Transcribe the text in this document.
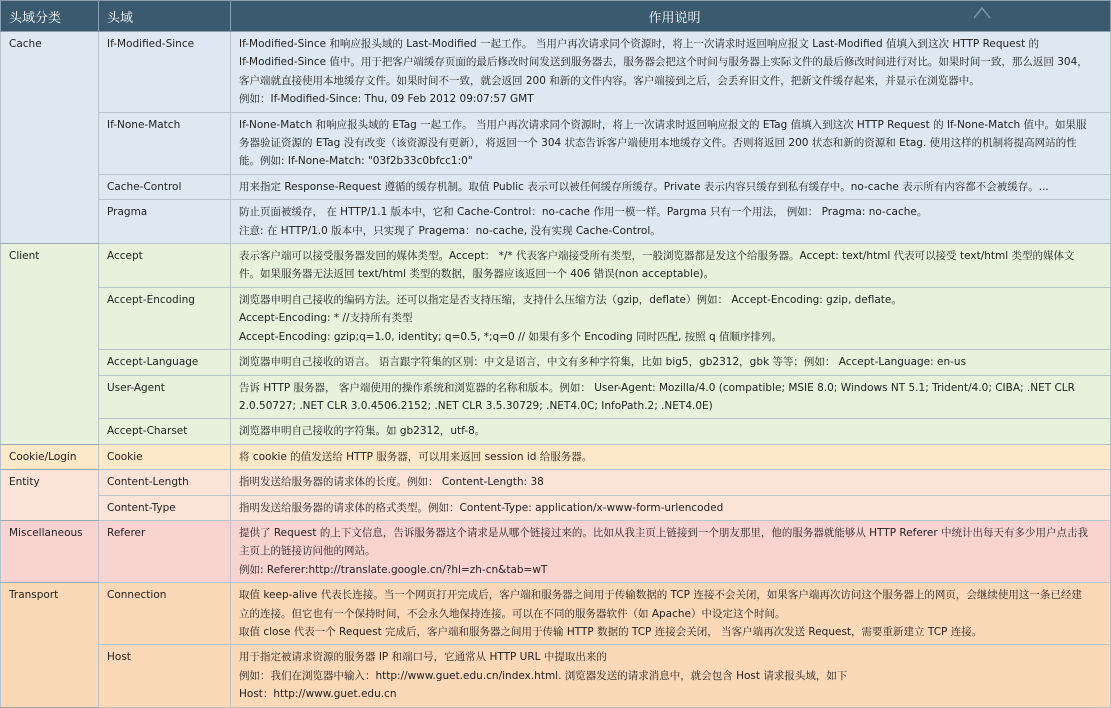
头域分类	头域	作用说明
Cache	If-Modified-Since	If-Modified-Since 和响应报头域的 Last-Modified 一起工作。 当用户再次请求同个资源时，将上一次请求时返回响应报文 Last-Modified 值填入到这次 HTTP Request 的
If-Modified-Since 值中。用于把客户端缓存页面的最后修改时间发送到服务器去，服务器会把这个时间与服务器上实际文件的最后修改时间进行对比。如果时间一致，那么返回 304，
客户端就直接使用本地缓存文件。如果时间不一致，就会返回 200 和新的文件内容。客户端接到之后，会丢弃旧文件，把新文件缓存起来，并显示在浏览器中。
例如：If-Modified-Since: Thu, 09 Feb 2012 09:07:57 GMT

	If-None-Match	If-None-Match 和响应报头域的 ETag 一起工作。 当用户再次请求同个资源时，将上一次请求时返回响应报文的 ETag 值填入到这次 HTTP Request 的 If-None-Match 值中。如果服
务器验证资源的 ETag 没有改变（该资源没有更新），将返回一个 304 状态告诉客户端使用本地缓存文件。否则将返回 200 状态和新的资源和 Etag. 使用这样的机制将提高网站的性
能。例如: If-None-Match: "03f2b33c0bfcc1:0"

	Cache-Control	用来指定 Response-Request 遵循的缓存机制。取值 Public 表示可以被任何缓存所缓存。Private 表示内容只缓存到私有缓存中。no-cache 表示所有内容都不会被缓存。...

	Pragma	防止页面被缓存， 在 HTTP/1.1 版本中，它和 Cache-Control：no-cache 作用一模一样。Pargma 只有一个用法， 例如： Pragma: no-cache。
注意: 在 HTTP/1.0 版本中，只实现了 Pragema：no-cache, 没有实现 Cache-Control。

Client	Accept	表示客户端可以接受服务器发回的媒体类型。Accept： */* 代表客户端接受所有类型，一般浏览器都是发这个给服务器。Accept: text/html 代表可以接受 text/html 类型的媒体文
件。如果服务器无法返回 text/html 类型的数据，服务器应该返回一个 406 错误(non acceptable)。

	Accept-Encoding	浏览器申明自己接收的编码方法。还可以指定是否支持压缩，支持什么压缩方法（gzip，deflate）例如： Accept-Encoding: gzip, deflate。
Accept-Encoding: * //支持所有类型
Accept-Encoding: gzip;q=1.0, identity; q=0.5, *;q=0 // 如果有多个 Encoding 同时匹配, 按照 q 值顺序排列。

	Accept-Language	浏览器申明自己接收的语言。 语言跟字符集的区别：中文是语言，中文有多种字符集，比如 big5，gb2312，gbk 等等；例如： Accept-Language: en-us

	User-Agent	告诉 HTTP 服务器， 客户端使用的操作系统和浏览器的名称和版本。例如： User-Agent: Mozilla/4.0 (compatible; MSIE 8.0; Windows NT 5.1; Trident/4.0; CIBA; .NET CLR
2.0.50727; .NET CLR 3.0.4506.2152; .NET CLR 3.5.30729; .NET4.0C; InfoPath.2; .NET4.0E)

	Accept-Charset	浏览器申明自己接收的字符集。如 gb2312，utf-8。

Cookie/Login	Cookie	将 cookie 的值发送给 HTTP 服务器，可以用来返回 session id 给服务器。

Entity	Content-Length	指明发送给服务器的请求体的长度。例如： Content-Length: 38

	Content-Type	指明发送给服务器的请求体的格式类型。例如：Content-Type: application/x-www-form-urlencoded

Miscellaneous	Referer	提供了 Request 的上下文信息，告诉服务器这个请求是从哪个链接过来的。比如从我主页上链接到一个朋友那里，他的服务器就能够从 HTTP Referer 中统计出每天有多少用户点击我
主页上的链接访问他的网站。
例如: Referer:http://translate.google.cn/?hl=zh-cn&tab=wT

Transport	Connection	取值 keep-alive 代表长连接。当一个网页打开完成后，客户端和服务器之间用于传输数据的 TCP 连接不会关闭，如果客户端再次访问这个服务器上的网页，会继续使用这一条已经建
立的连接。但它也有一个保持时间，不会永久地保持连接。可以在不同的服务器软件（如 Apache）中设定这个时间。
取值 close 代表一个 Request 完成后，客户端和服务器之间用于传输 HTTP 数据的 TCP 连接会关闭， 当客户端再次发送 Request，需要重新建立 TCP 连接。

	Host	用于指定被请求资源的服务器 IP 和端口号，它通常从 HTTP URL 中提取出来的
例如：我们在浏览器中输入：http://www.guet.edu.cn/index.html. 浏览器发送的请求消息中，就会包含 Host 请求报头域，如下
Host：http://www.guet.edu.cn
